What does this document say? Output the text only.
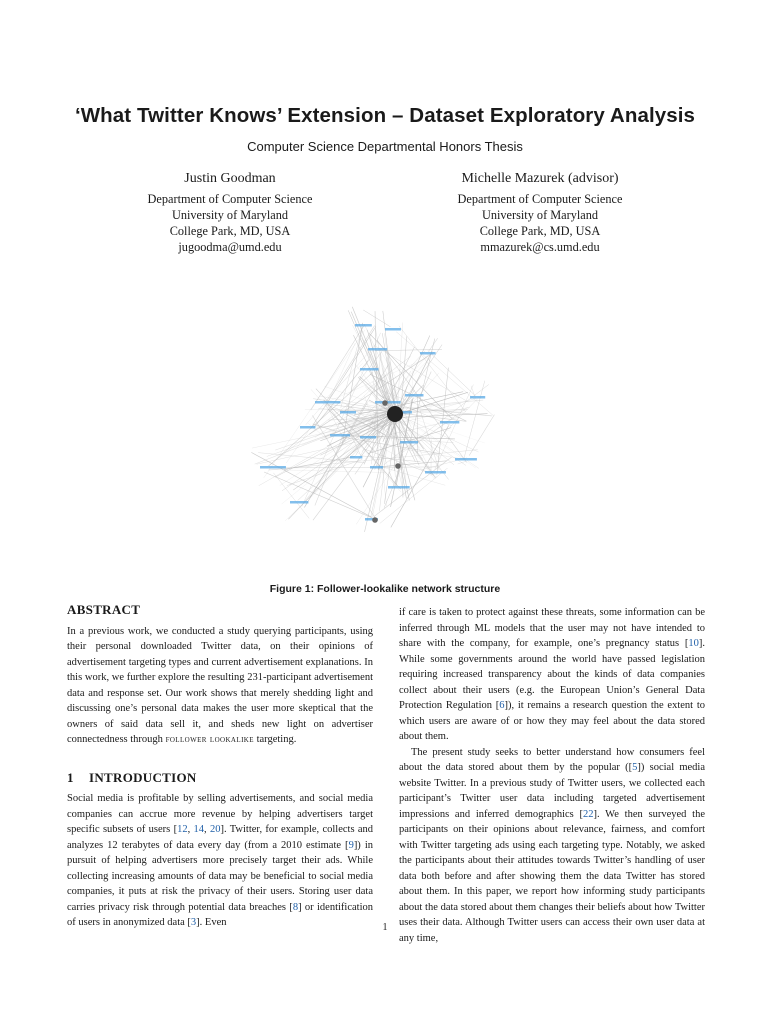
‘What Twitter Knows’ Extension – Dataset Exploratory Analysis
Computer Science Departmental Honors Thesis
Justin Goodman
Department of Computer Science
University of Maryland
College Park, MD, USA
jugoodma@umd.edu
Michelle Mazurek (advisor)
Department of Computer Science
University of Maryland
College Park, MD, USA
mmazurek@cs.umd.edu
Figure 1: Follower-lookalike network structure
ABSTRACT

In a previous work, we conducted a study querying participants, using their personal downloaded Twitter data, on their opinions of advertisement targeting types and current advertisement explanations. In this work, we further explore the resulting 231-participant advertisement data and response set. Our work shows that merely shedding light and discussing one’s personal data makes the user more skeptical that the owners of said data sell it, and sheds new light on advertiser connectedness through follower lookalike targeting.

1 INTRODUCTION

Social media is profitable by selling advertisements, and social media companies can accrue more revenue by helping advertisers target specific subsets of users [12, 14, 20]. Twitter, for example, collects and analyzes 12 terabytes of data every day (from a 2010 estimate [9]) in pursuit of helping advertisers more precisely target their ads. While collecting increasing amounts of data may be beneficial to social media companies, it puts at risk the privacy of their users. Storing user data carries privacy risk through potential data breaches [8] or identification of users in anonymized data [3]. Even

if care is taken to protect against these threats, some information can be inferred through ML models that the user may not have intended to share with the company, for example, one’s pregnancy status [10]. While some governments around the world have passed legislation requiring increased transparency about the kinds of data companies collect about their users (e.g. the European Union’s General Data Protection Regulation [6]), it remains a research question the extent to which users are aware of or how they may feel about the data stored about them.

The present study seeks to better understand how consumers feel about the data stored about them by the popular ([5]) social media website Twitter. In a previous study of Twitter users, we collected each participant’s Twitter user data including targeted advertisement impressions and inferred demographics [22]. We then surveyed the participants on their opinions about relevance, fairness, and comfort with Twitter targeting ads using each targeting type. Notably, we asked the participants about their attitudes towards Twitter’s handling of user data both before and after showing them the data Twitter has stored about them. In this paper, we report how informing study participants about the data stored about them changes their beliefs about how Twitter uses their data. Although Twitter users can access their own user data at any time,

1
